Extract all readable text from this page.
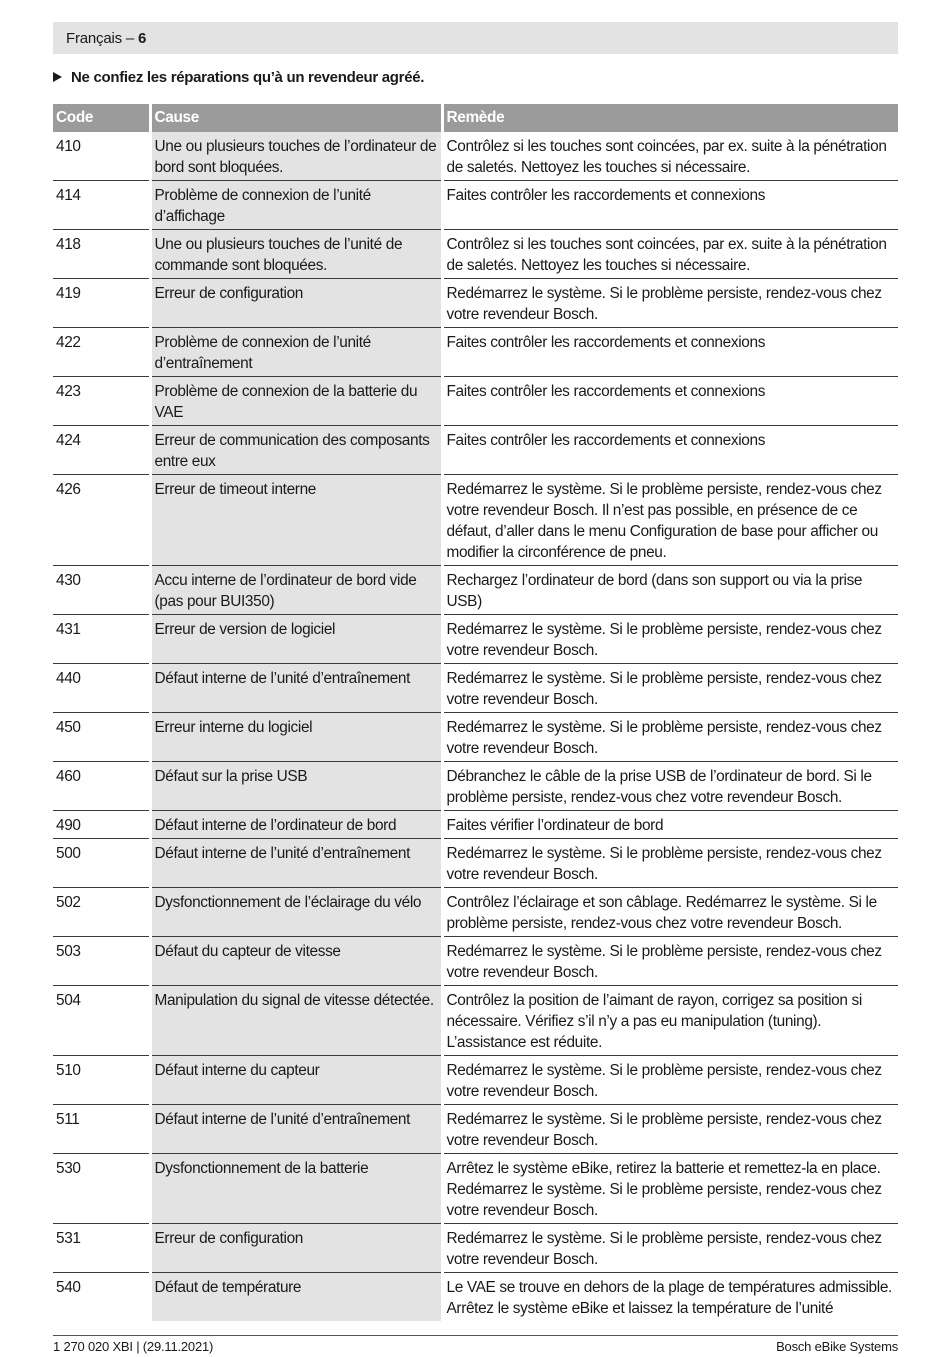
Français – 6
Ne confiez les réparations qu’à un revendeur agréé.
Code	Cause	Remède
410	Une ou plusieurs touches de l’ordinateur de bord sont bloquées.	Contrôlez si les touches sont coincées, par ex. suite à la pénétration de saletés. Nettoyez les touches si nécessaire.
414	Problème de connexion de l’unité d’affichage	Faites contrôler les raccordements et connexions
418	Une ou plusieurs touches de l’unité de commande sont bloquées.	Contrôlez si les touches sont coincées, par ex. suite à la pénétration de saletés. Nettoyez les touches si nécessaire.
419	Erreur de configuration	Redémarrez le système. Si le problème persiste, rendez-vous chez votre revendeur Bosch.
422	Problème de connexion de l’unité d’entraînement	Faites contrôler les raccordements et connexions
423	Problème de connexion de la batterie du VAE	Faites contrôler les raccordements et connexions
424	Erreur de communication des composants entre eux	Faites contrôler les raccordements et connexions
426	Erreur de timeout interne	Redémarrez le système. Si le problème persiste, rendez-vous chez votre revendeur Bosch. Il n’est pas possible, en présence de ce défaut, d’aller dans le menu Configuration de base pour afficher ou modifier la circonférence de pneu.
430	Accu interne de l’ordinateur de bord vide (pas pour BUI350)	Rechargez l’ordinateur de bord (dans son support ou via la prise USB)
431	Erreur de version de logiciel	Redémarrez le système. Si le problème persiste, rendez-vous chez votre revendeur Bosch.
440	Défaut interne de l’unité d’entraînement	Redémarrez le système. Si le problème persiste, rendez-vous chez votre revendeur Bosch.
450	Erreur interne du logiciel	Redémarrez le système. Si le problème persiste, rendez-vous chez votre revendeur Bosch.
460	Défaut sur la prise USB	Débranchez le câble de la prise USB de l’ordinateur de bord. Si le problème persiste, rendez-vous chez votre revendeur Bosch.
490	Défaut interne de l’ordinateur de bord	Faites vérifier l’ordinateur de bord
500	Défaut interne de l’unité d’entraînement	Redémarrez le système. Si le problème persiste, rendez-vous chez votre revendeur Bosch.
502	Dysfonctionnement de l’éclairage du vélo	Contrôlez l’éclairage et son câblage. Redémarrez le système. Si le problème persiste, rendez-vous chez votre revendeur Bosch.
503	Défaut du capteur de vitesse	Redémarrez le système. Si le problème persiste, rendez-vous chez votre revendeur Bosch.
504	Manipulation du signal de vitesse détectée.	Contrôlez la position de l’aimant de rayon, corrigez sa position si nécessaire. Vérifiez s’il n’y a pas eu manipulation (tuning). L’assistance est réduite.
510	Défaut interne du capteur	Redémarrez le système. Si le problème persiste, rendez-vous chez votre revendeur Bosch.
511	Défaut interne de l’unité d’entraînement	Redémarrez le système. Si le problème persiste, rendez-vous chez votre revendeur Bosch.
530	Dysfonctionnement de la batterie	Arrêtez le système eBike, retirez la batterie et remettez-la en place. Redémarrez le système. Si le problème persiste, rendez-vous chez votre revendeur Bosch.
531	Erreur de configuration	Redémarrez le système. Si le problème persiste, rendez-vous chez votre revendeur Bosch.
540	Défaut de température	Le VAE se trouve en dehors de la plage de températures admissible. Arrêtez le système eBike et laissez la température de l’unité
1 270 020 XBI | (29.11.2021)	Bosch eBike Systems
